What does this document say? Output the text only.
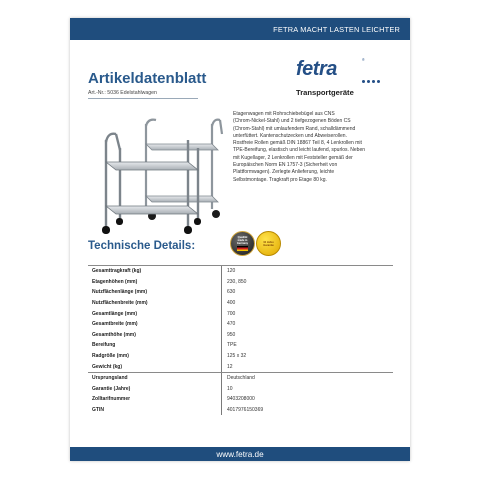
FETRA MACHT LASTEN LEICHTER
Artikeldatenblatt
Art.-Nr.: 5036 Edelstahlwagen
fetra	®
Transportgeräte
Etagenwagen mit Rohrschiebebügel aus CNS
(Chrom-Nickel-Stahl) und 2 tiefgezogenen Böden CS
(Chrom-Stahl) mit umlaufendem Rand, schalldämmend
unterfüttert. Kantenschutzecken und Abweiserollen.
Rostfreie Rollen gemäß DIN 18867 Teil 8, 4 Lenkrollen mit
TPE-Bereifung, elastisch und leicht laufend, spurlos. Neben
mit Kugellager, 2 Lenkrollen mit Feststeller gemäß der
Europäischen Norm EN 1757-3 (Sicherheit von
Plattformwagen). Zerlegte Anlieferung, leichte
Selbstmontage. Tragkraft pro Etage 80 kg.
Technische Details:
Qualität
made in
Germany	10 Jahre
Garantie
Gesamttragkraft (kg)	120
Etagenhöhen (mm)	230, 850
Nutzflächenlänge (mm)	630
Nutzflächenbreite (mm)	400
Gesamtlänge (mm)	700
Gesamtbreite (mm)	470
Gesamthöhe (mm)	950
Bereifung	TPE
Radgröße (mm)	125 x 32
Gewicht (kg)	12
Ursprungsland	Deutschland
Garantie (Jahre)	10
Zolltarifnummer	9403208000
GTIN	4017976150369
www.fetra.de
